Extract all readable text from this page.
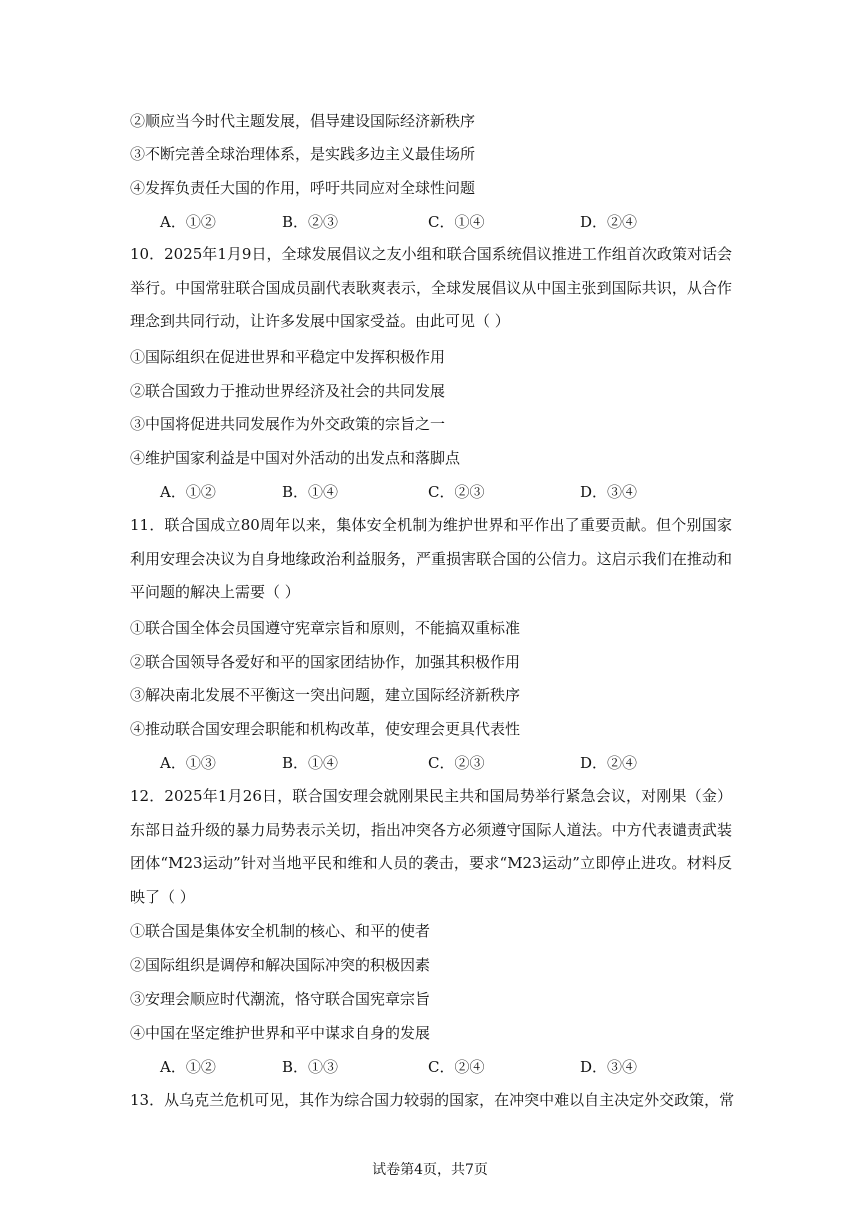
②顺应当今时代主题发展，倡导建设国际经济新秩序
③不断完善全球治理体系，是实践多边主义最佳场所
④发挥负责任大国的作用，呼吁共同应对全球性问题
A．①②	B．②③	C．①④	D．②④
10．2025年1月9日，全球发展倡议之友小组和联合国系统倡议推进工作组首次政策对话会举行。中国常驻联合国成员副代表耿爽表示，全球发展倡议从中国主张到国际共识，从合作理念到共同行动，让许多发展中国家受益。由此可见（ ）
①国际组织在促进世界和平稳定中发挥积极作用
②联合国致力于推动世界经济及社会的共同发展
③中国将促进共同发展作为外交政策的宗旨之一
④维护国家利益是中国对外活动的出发点和落脚点
A．①②	B．①④	C．②③	D．③④
11．联合国成立80周年以来，集体安全机制为维护世界和平作出了重要贡献。但个别国家利用安理会决议为自身地缘政治利益服务，严重损害联合国的公信力。这启示我们在推动和平问题的解决上需要（ ）
①联合国全体会员国遵守宪章宗旨和原则，不能搞双重标准
②联合国领导各爱好和平的国家团结协作，加强其积极作用
③解决南北发展不平衡这一突出问题，建立国际经济新秩序
④推动联合国安理会职能和机构改革，使安理会更具代表性
A．①③	B．①④	C．②③	D．②④
12．2025年1月26日，联合国安理会就刚果民主共和国局势举行紧急会议，对刚果（金）东部日益升级的暴力局势表示关切，指出冲突各方必须遵守国际人道法。中方代表谴责武装团体“M23运动”针对当地平民和维和人员的袭击，要求“M23运动”立即停止进攻。材料反映了（ ）
①联合国是集体安全机制的核心、和平的使者
②国际组织是调停和解决国际冲突的积极因素
③安理会顺应时代潮流，恪守联合国宪章宗旨
④中国在坚定维护世界和平中谋求自身的发展
A．①②	B．①③	C．②④	D．③④
13．从乌克兰危机可见，其作为综合国力较弱的国家，在冲突中难以自主决定外交政策，常
试卷第4页，共7页
